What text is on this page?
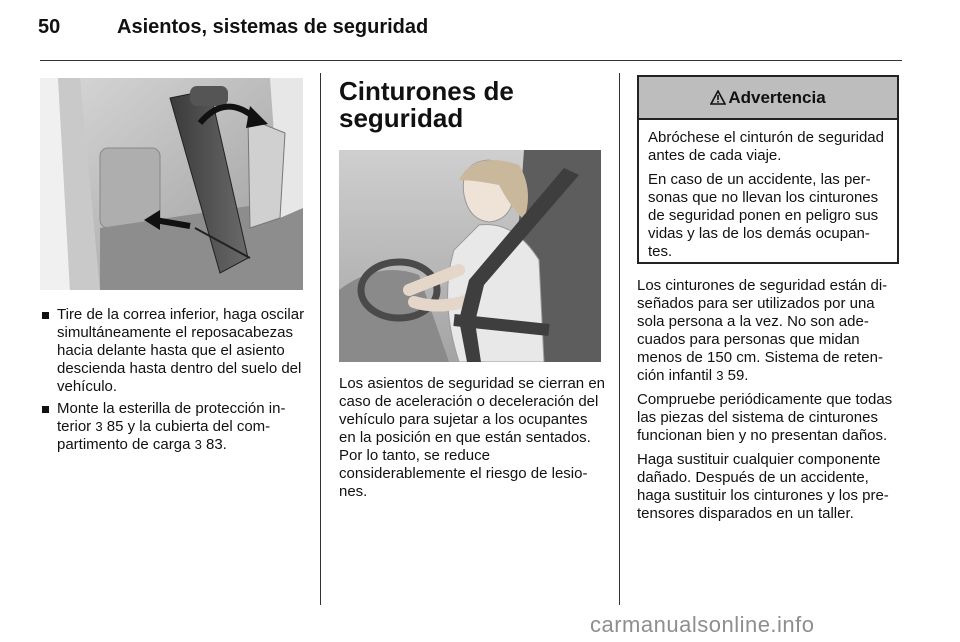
50	Asientos, sistemas de seguridad
Tire de la correa inferior, haga oscilar simultáneamente el reposacabezas hacia delante hasta que el asiento descienda hasta dentro del suelo del vehículo.
Monte la esterilla de protección interior 3 85 y la cubierta del compartimento de carga 3 83.
Cinturones de seguridad

Los asientos de seguridad se cierran en caso de aceleración o deceleración del vehículo para sujetar a los ocupantes en la posición en que están sentados. Por lo tanto, se reduce considerablemente el riesgo de lesiones.

Advertencia

Abróchese el cinturón de seguridad antes de cada viaje.

En caso de un accidente, las personas que no llevan los cinturones de seguridad ponen en peligro sus vidas y las de los demás ocupantes.

Los cinturones de seguridad están diseñados para ser utilizados por una sola persona a la vez. No son adecuados para personas que midan menos de 150 cm. Sistema de retención infantil 3 59.

Compruebe periódicamente que todas las piezas del sistema de cinturones funcionan bien y no presentan daños.

Haga sustituir cualquier componente dañado. Después de un accidente, haga sustituir los cinturones y los pretensores disparados en un taller.

carmanualsonline.info
